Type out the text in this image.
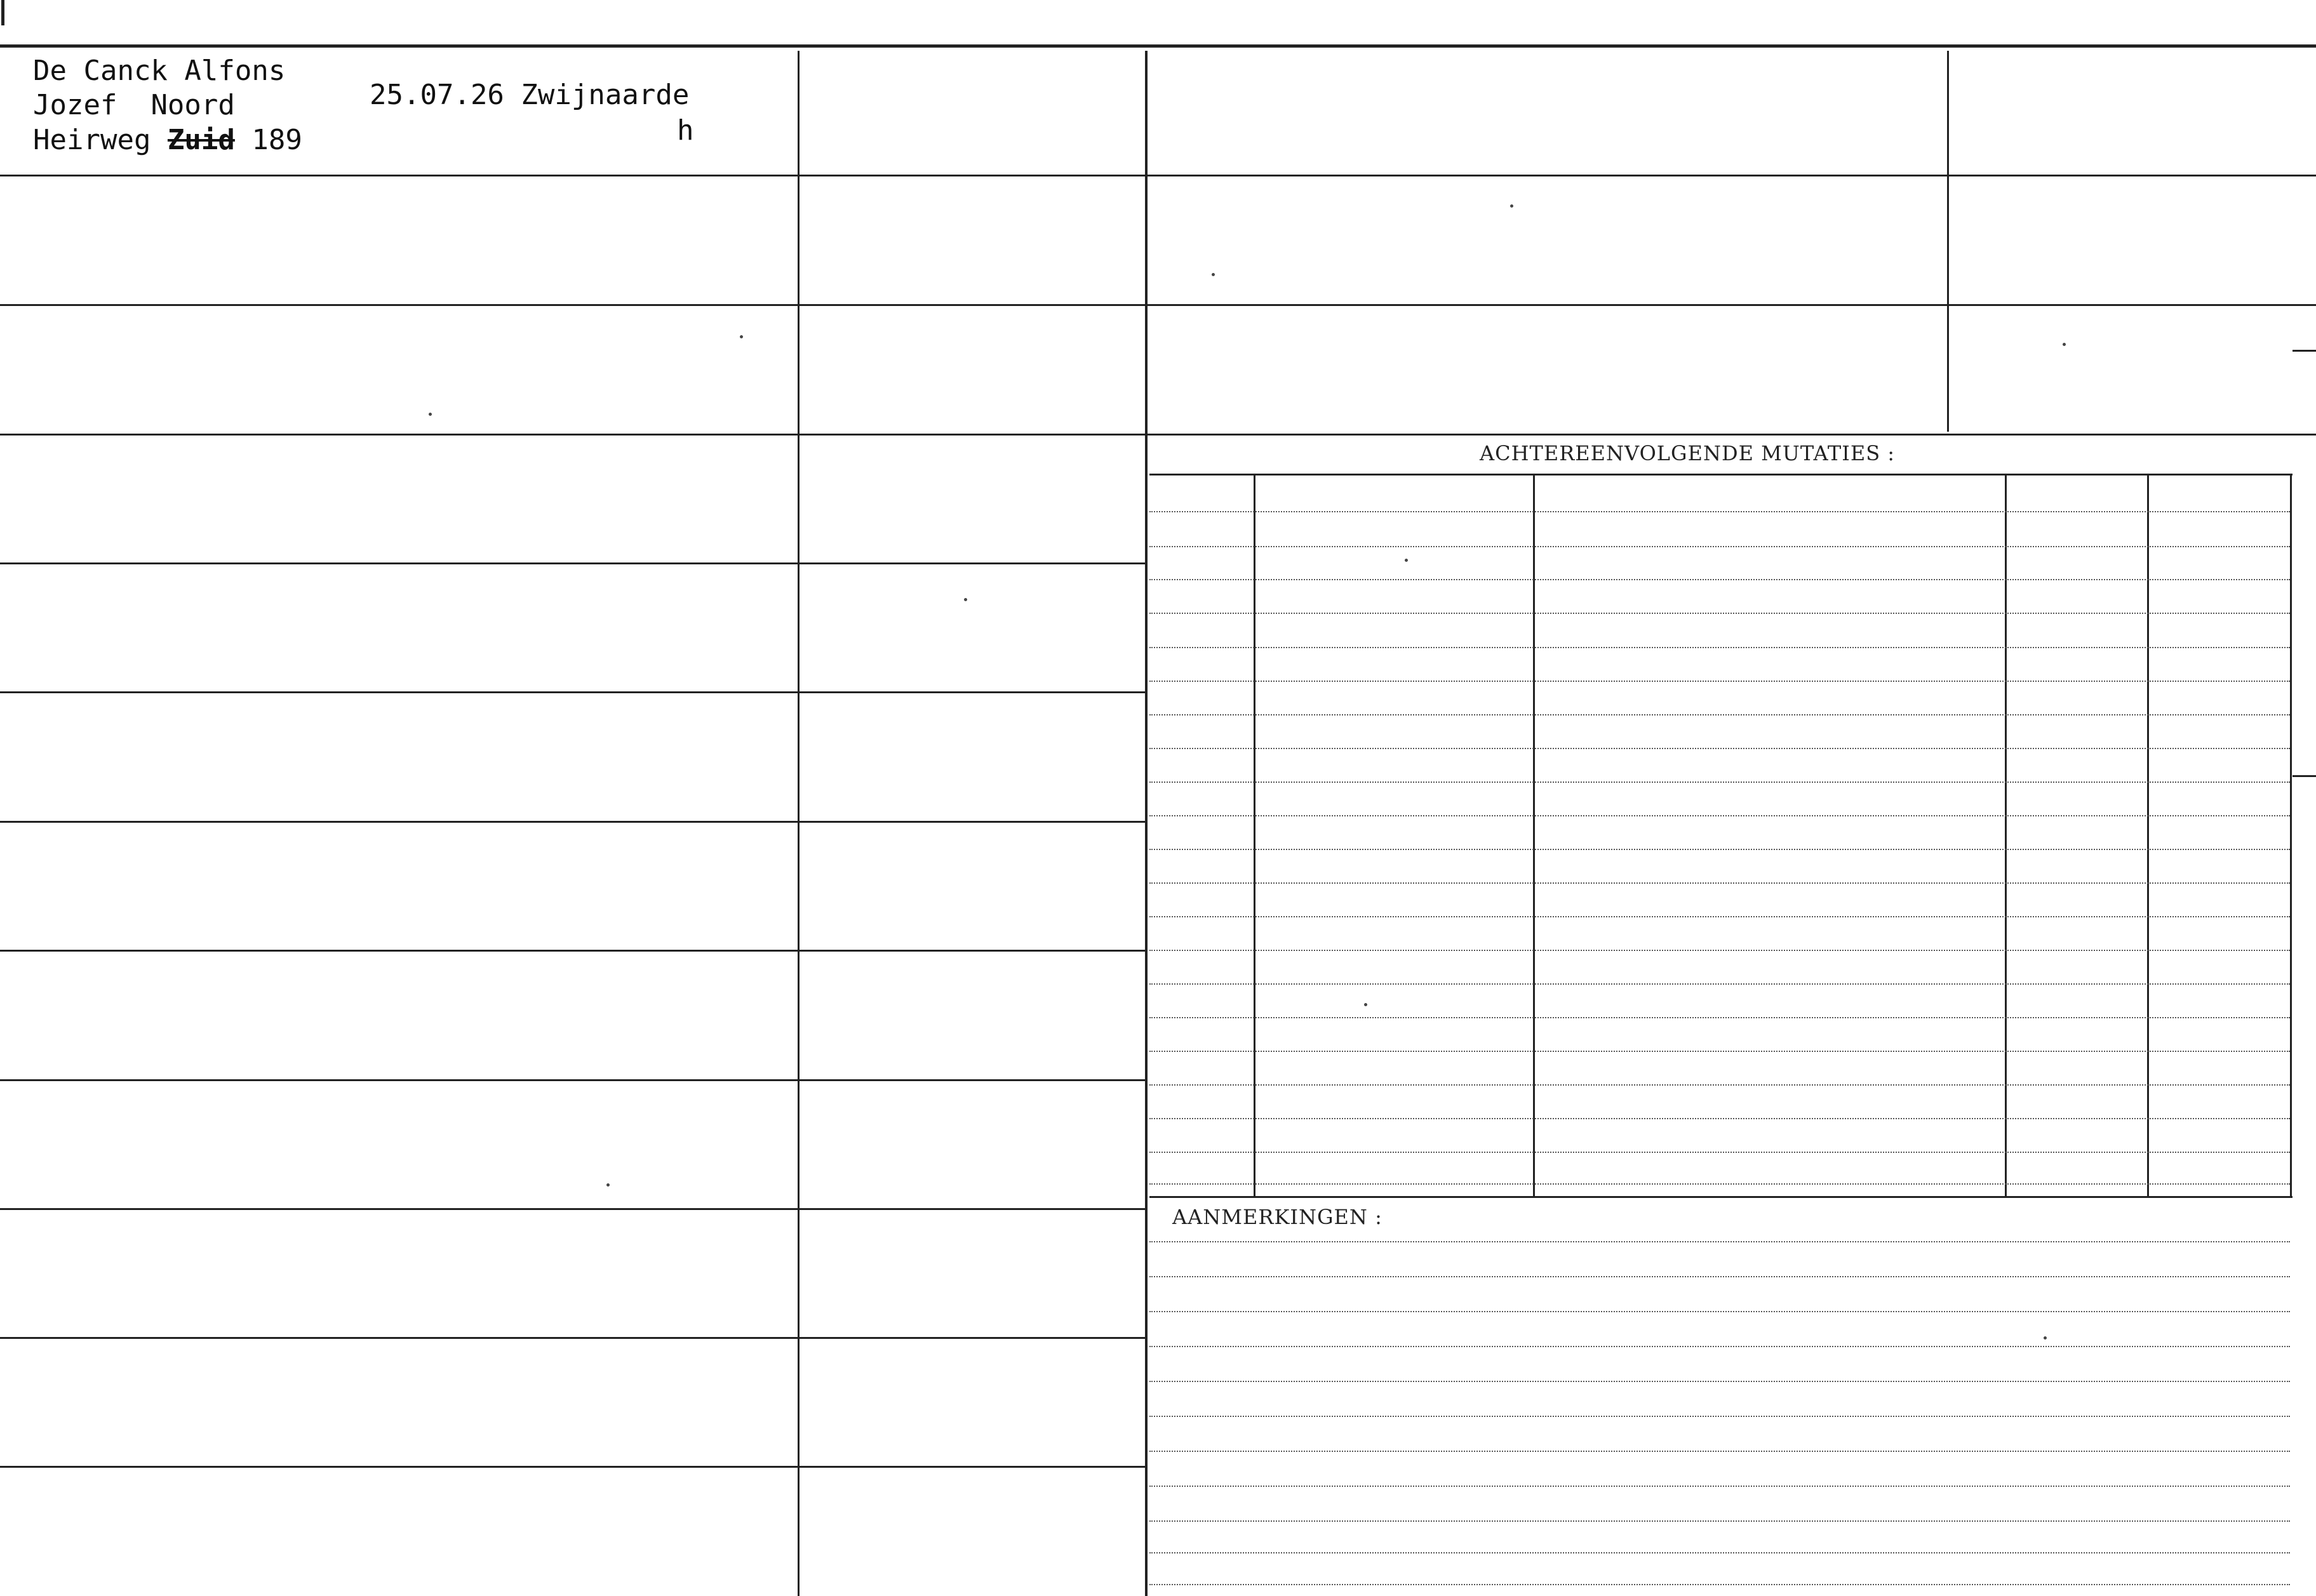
ACHTEREENVOLGENDE MUTATIES :
AANMERKINGEN :
De Canck Alfons
Jozef Noord
Heirweg Zuid 189
25.07.26 Zwijnaarde
h
